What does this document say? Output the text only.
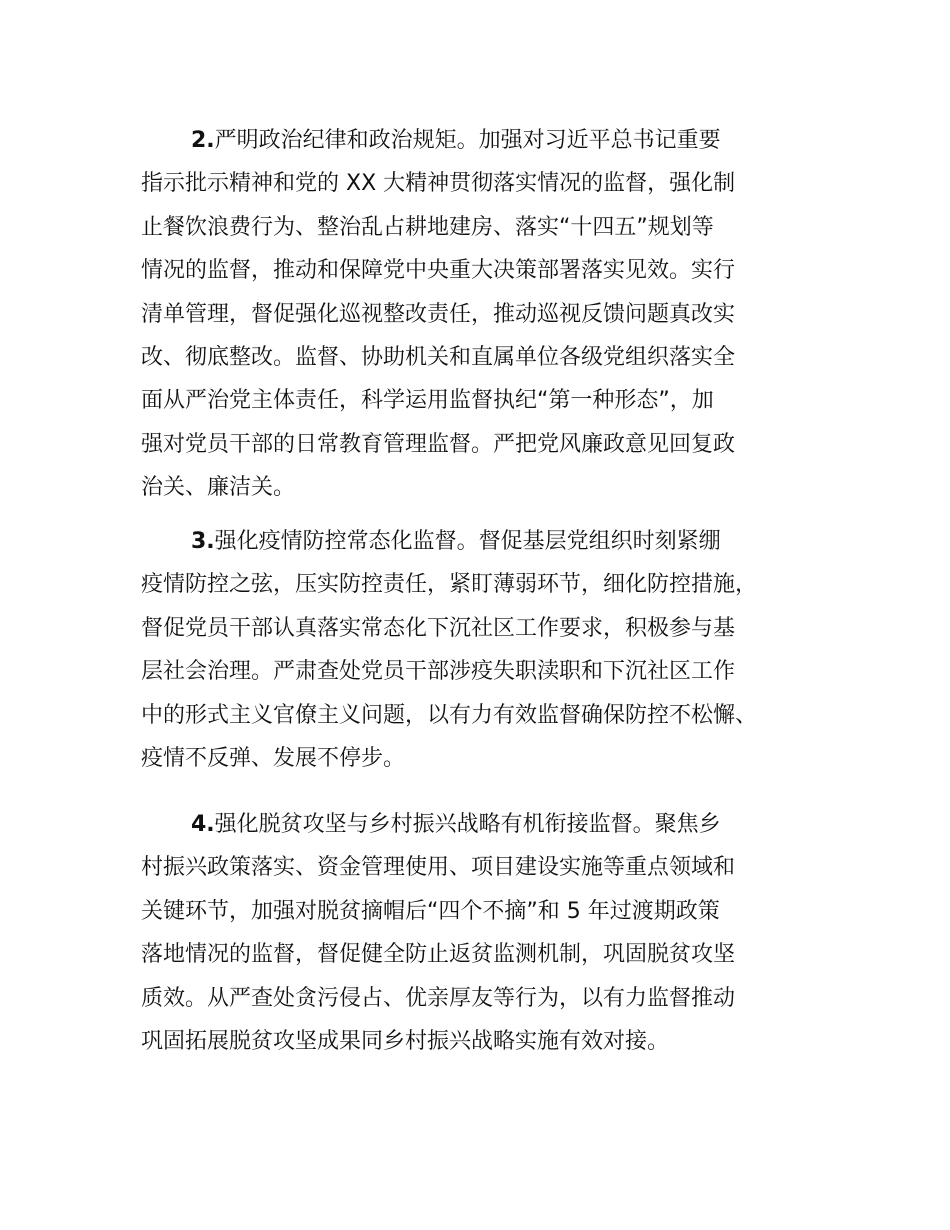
2.严明政治纪律和政治规矩。加强对习近平总书记重要
指示批示精神和党的 XX 大精神贯彻落实情况的监督，强化制
止餐饮浪费行为、整治乱占耕地建房、落实“十四五”规划等
情况的监督，推动和保障党中央重大决策部署落实见效。实行
清单管理，督促强化巡视整改责任，推动巡视反馈问题真改实
改、彻底整改。监督、协助机关和直属单位各级党组织落实全
面从严治党主体责任，科学运用监督执纪“第一种形态”，加
强对党员干部的日常教育管理监督。严把党风廉政意见回复政
治关、廉洁关。
3.强化疫情防控常态化监督。督促基层党组织时刻紧绷
疫情防控之弦，压实防控责任，紧盯薄弱环节，细化防控措施，
督促党员干部认真落实常态化下沉社区工作要求，积极参与基
层社会治理。严肃查处党员干部涉疫失职渎职和下沉社区工作
中的形式主义官僚主义问题，以有力有效监督确保防控不松懈、
疫情不反弹、发展不停步。
4.强化脱贫攻坚与乡村振兴战略有机衔接监督。聚焦乡
村振兴政策落实、资金管理使用、项目建设实施等重点领域和
关键环节，加强对脱贫摘帽后“四个不摘”和 5 年过渡期政策
落地情况的监督，督促健全防止返贫监测机制，巩固脱贫攻坚
质效。从严查处贪污侵占、优亲厚友等行为，以有力监督推动
巩固拓展脱贫攻坚成果同乡村振兴战略实施有效对接。
